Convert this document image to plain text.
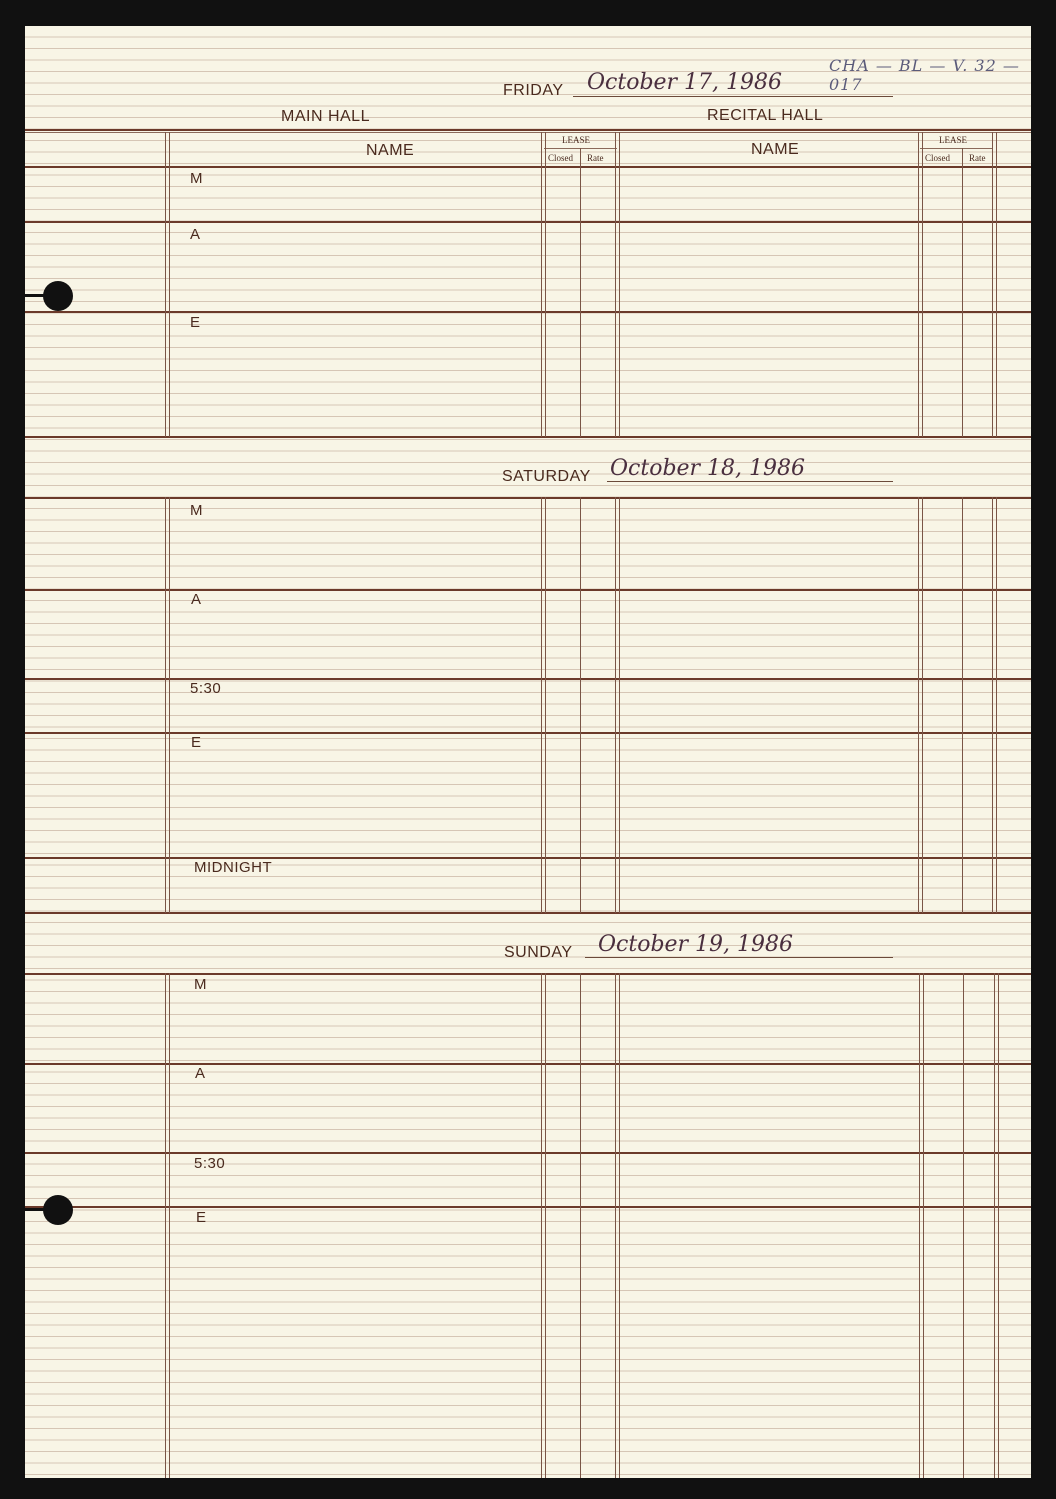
CHA — BL — V. 32 — 017
FRIDAY October 17, 1986
MAIN HALL	RECITAL HALL
NAME	NAME
LEASE
Closed Rate
LEASE
Closed Rate
M
A
E
SATURDAY October 18, 1986
M
A
5:30
E
MIDNIGHT
SUNDAY October 19, 1986
M
A
5:30
E
